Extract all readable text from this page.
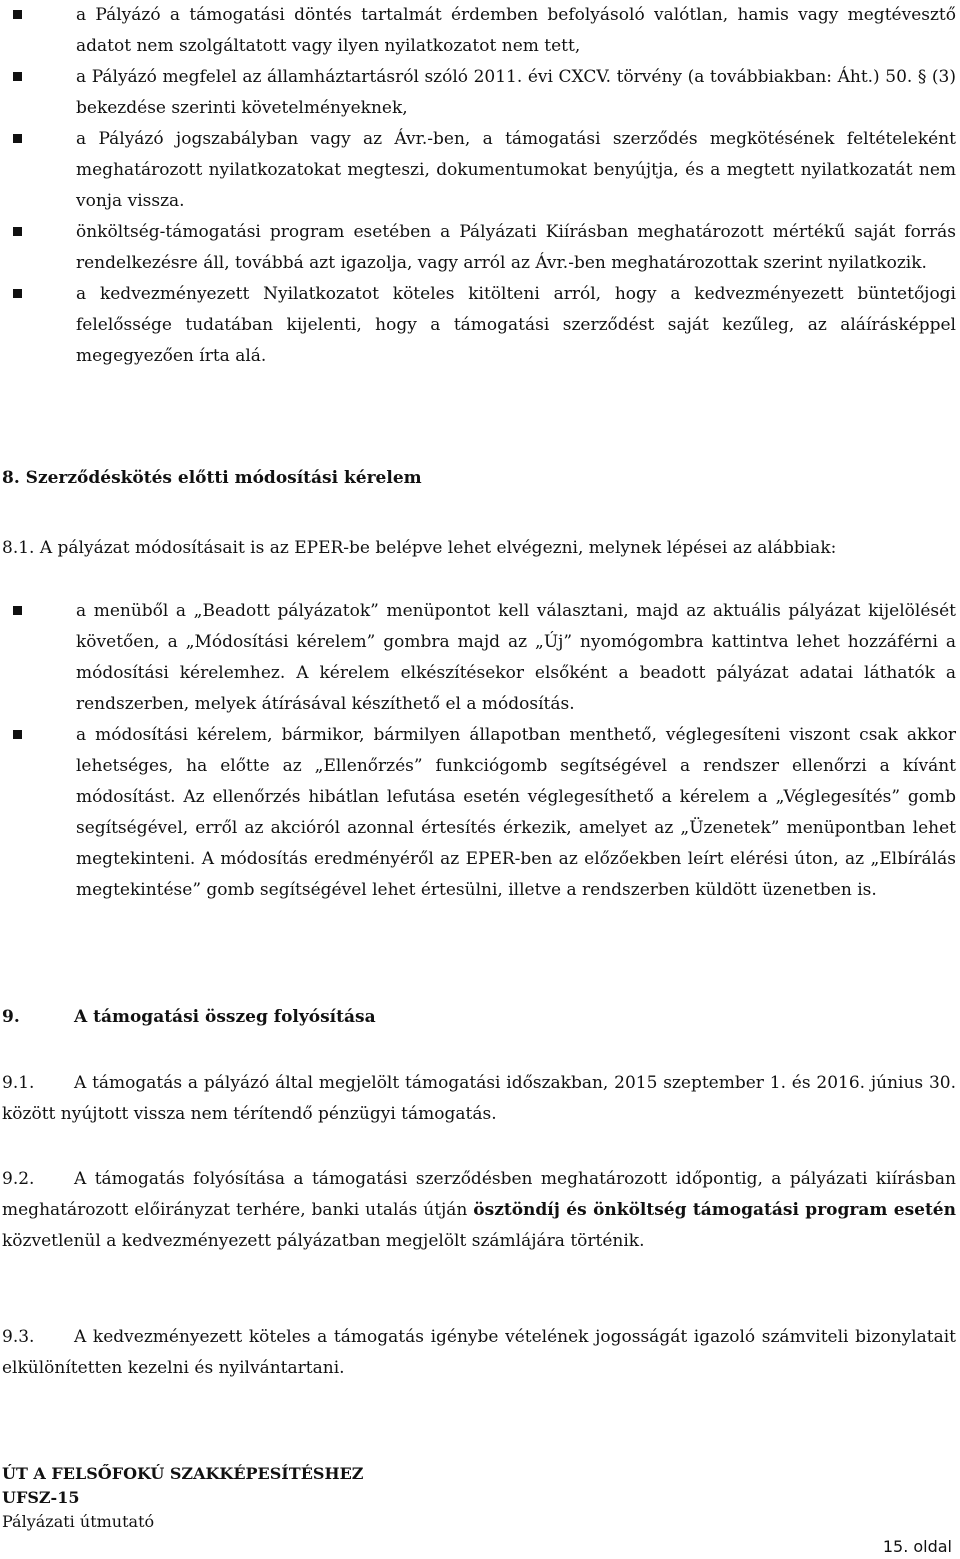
a Pályázó a támogatási döntés tartalmát érdemben befolyásoló valótlan, hamis vagy megtévesztő adatot nem szolgáltatott vagy ilyen nyilatkozatot nem tett,
a Pályázó megfelel az államháztartásról szóló 2011. évi CXCV. törvény (a továbbiakban: Áht.) 50. § (3) bekezdése szerinti követelményeknek,
a Pályázó jogszabályban vagy az Ávr.-ben, a támogatási szerződés megkötésének feltételeként meghatározott nyilatkozatokat megteszi, dokumentumokat benyújtja, és a megtett nyilatkozatát nem vonja vissza.
önköltség-támogatási program esetében a Pályázati Kiírásban meghatározott mértékű saját forrás rendelkezésre áll, továbbá azt igazolja, vagy arról az Ávr.-ben meghatározottak szerint nyilatkozik.
a kedvezményezett Nyilatkozatot köteles kitölteni arról, hogy a kedvezményezett büntetőjogi felelőssége tudatában kijelenti, hogy a támogatási szerződést saját kezűleg, az aláírásképpel megegyezően írta alá.
8. Szerződéskötés előtti módosítási kérelem
8.1. A pályázat módosításait is az EPER-be belépve lehet elvégezni, melynek lépései az alábbiak:
a menüből a „Beadott pályázatok” menüpontot kell választani, majd az aktuális pályázat kijelölését követően, a „Módosítási kérelem” gombra majd az „Új” nyomógombra kattintva lehet hozzáférni a módosítási kérelemhez. A kérelem elkészítésekor elsőként a beadott pályázat adatai láthatók a rendszerben, melyek átírásával készíthető el a módosítás.
a módosítási kérelem, bármikor, bármilyen állapotban menthető, véglegesíteni viszont csak akkor lehetséges, ha előtte az „Ellenőrzés” funkciógomb segítségével a rendszer ellenőrzi a kívánt módosítást. Az ellenőrzés hibátlan lefutása esetén véglegesíthető a kérelem a „Véglegesítés” gomb segítségével, erről az akcióról azonnal értesítés érkezik, amelyet az „Üzenetek” menüpontban lehet megtekinteni. A módosítás eredményéről az EPER-ben az előzőekben leírt elérési úton, az „Elbírálás megtekintése” gomb segítségével lehet értesülni, illetve a rendszerben küldött üzenetben is.
9.	A támogatási összeg folyósítása
9.1. A támogatás a pályázó által megjelölt támogatási időszakban, 2015 szeptember 1. és 2016. június 30. között nyújtott vissza nem térítendő pénzügyi támogatás.
9.2. A támogatás folyósítása a támogatási szerződésben meghatározott időpontig, a pályázati kiírásban meghatározott előirányzat terhére, banki utalás útján ösztöndíj és önköltség támogatási program esetén közvetlenül a kedvezményezett pályázatban megjelölt számlájára történik.
9.3. A kedvezményezett köteles a támogatás igénybe vételének jogosságát igazoló számviteli bizonylatait elkülönítetten kezelni és nyilvántartani.
ÚT A FELSŐFOKÚ SZAKKÉPESÍTÉSHEZ
UFSZ-15
Pályázati útmutató
15. oldal
